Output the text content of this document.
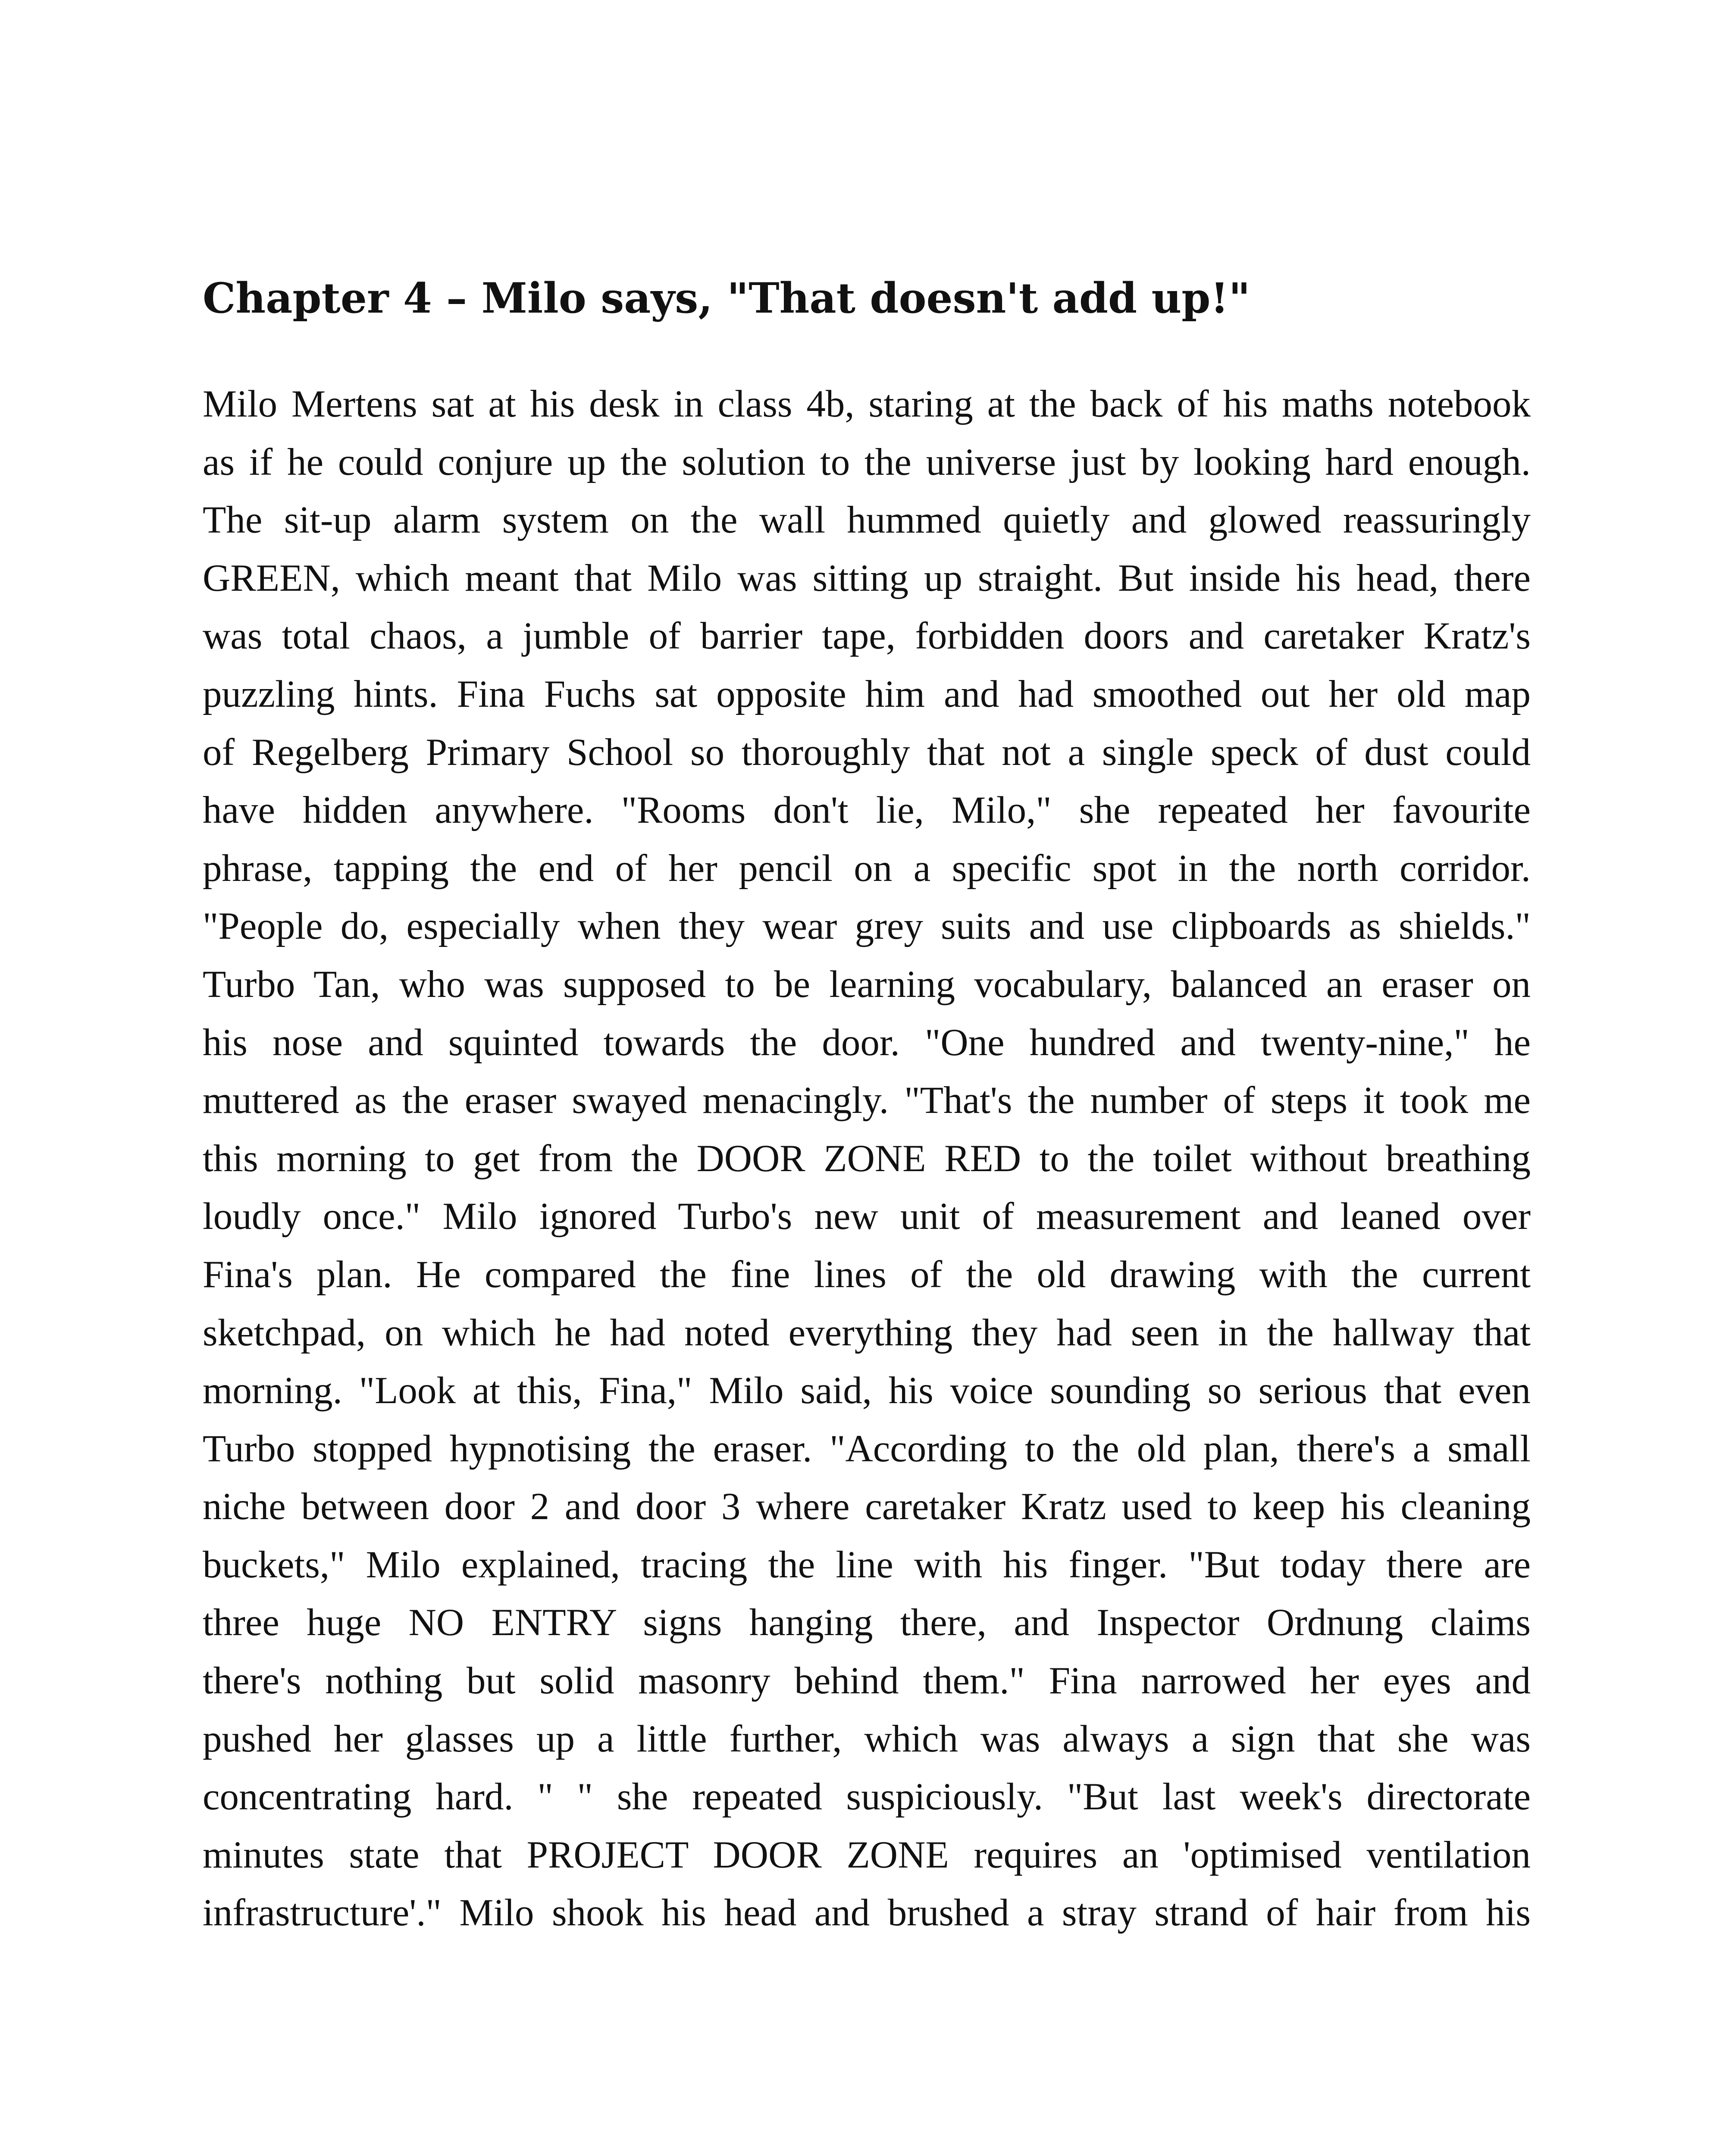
Chapter 4 – Milo says, "That doesn't add up!"
Milo Mertens sat at his desk in class 4b, staring at the back of his maths notebook
as if he could conjure up the solution to the universe just by looking hard enough.
The sit-up alarm system on the wall hummed quietly and glowed reassuringly
GREEN, which meant that Milo was sitting up straight. But inside his head, there
was total chaos, a jumble of barrier tape, forbidden doors and caretaker Kratz's
puzzling hints. Fina Fuchs sat opposite him and had smoothed out her old map
of Regelberg Primary School so thoroughly that not a single speck of dust could
have hidden anywhere. "Rooms don't lie, Milo," she repeated her favourite
phrase, tapping the end of her pencil on a specific spot in the north corridor.
"People do, especially when they wear grey suits and use clipboards as shields."
Turbo Tan, who was supposed to be learning vocabulary, balanced an eraser on
his nose and squinted towards the door. "One hundred and twenty-nine," he
muttered as the eraser swayed menacingly. "That's the number of steps it took me
this morning to get from the DOOR ZONE RED to the toilet without breathing
loudly once." Milo ignored Turbo's new unit of measurement and leaned over
Fina's plan. He compared the fine lines of the old drawing with the current
sketchpad, on which he had noted everything they had seen in the hallway that
morning. "Look at this, Fina," Milo said, his voice sounding so serious that even
Turbo stopped hypnotising the eraser. "According to the old plan, there's a small
niche between door 2 and door 3 where caretaker Kratz used to keep his cleaning
buckets," Milo explained, tracing the line with his finger. "But today there are
three huge NO ENTRY signs hanging there, and Inspector Ordnung claims
there's nothing but solid masonry behind them." Fina narrowed her eyes and
pushed her glasses up a little further, which was always a sign that she was
concentrating hard. " " she repeated suspiciously. "But last week's directorate
minutes state that PROJECT DOOR ZONE requires an 'optimised ventilation
infrastructure'." Milo shook his head and brushed a stray strand of hair from his
